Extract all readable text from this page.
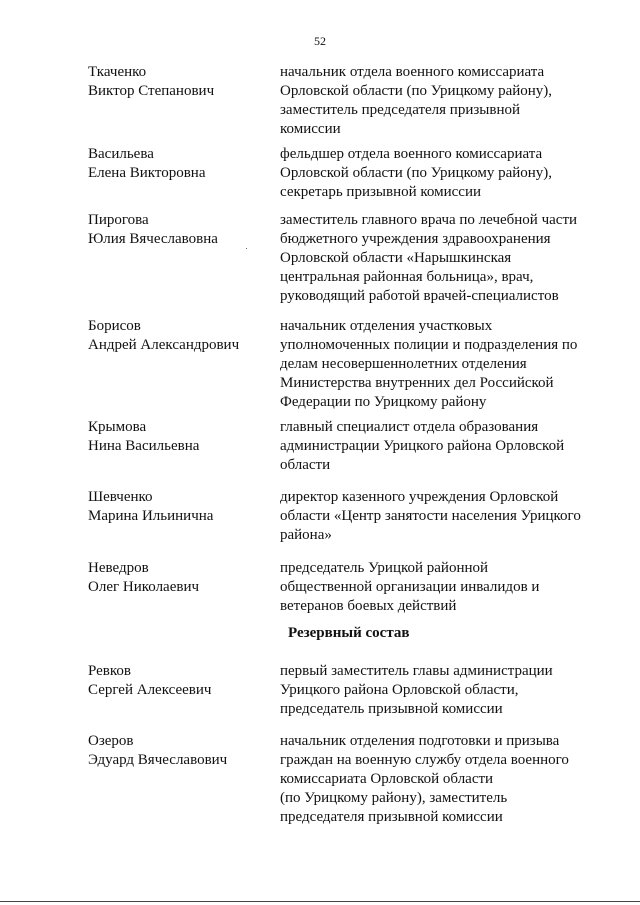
52
Ткаченко
Виктор Степанович
начальник отдела военного комиссариата
Орловской области (по Урицкому району),
заместитель председателя призывной
комиссии
Васильева
Елена Викторовна
фельдшер отдела военного комиссариата
Орловской области (по Урицкому району),
секретарь призывной комиссии
Пирогова
Юлия Вячеславовна
заместитель главного врача по лечебной части
бюджетного учреждения здравоохранения
Орловской области «Нарышкинская
центральная районная больница», врач,
руководящий работой врачей-специалистов
Борисов
Андрей Александрович
начальник отделения участковых
уполномоченных полиции и подразделения по
делам несовершеннолетних отделения
Министерства внутренних дел Российской
Федерации по Урицкому району
Крымова
Нина Васильевна
главный специалист отдела образования
администрации Урицкого района Орловской
области
Шевченко
Марина Ильинична
директор казенного учреждения Орловской
области «Центр занятости населения Урицкого
района»
Неведров
Олег Николаевич
председатель Урицкой районной
общественной организации инвалидов и
ветеранов боевых действий
Ревков
Сергей Алексеевич
первый заместитель главы администрации
Урицкого района Орловской области,
председатель призывной комиссии
Озеров
Эдуард Вячеславович
начальник отделения подготовки и призыва
граждан на военную службу отдела военного
комиссариата Орловской области
(по Урицкому району), заместитель
председателя призывной комиссии
Резервный состав
